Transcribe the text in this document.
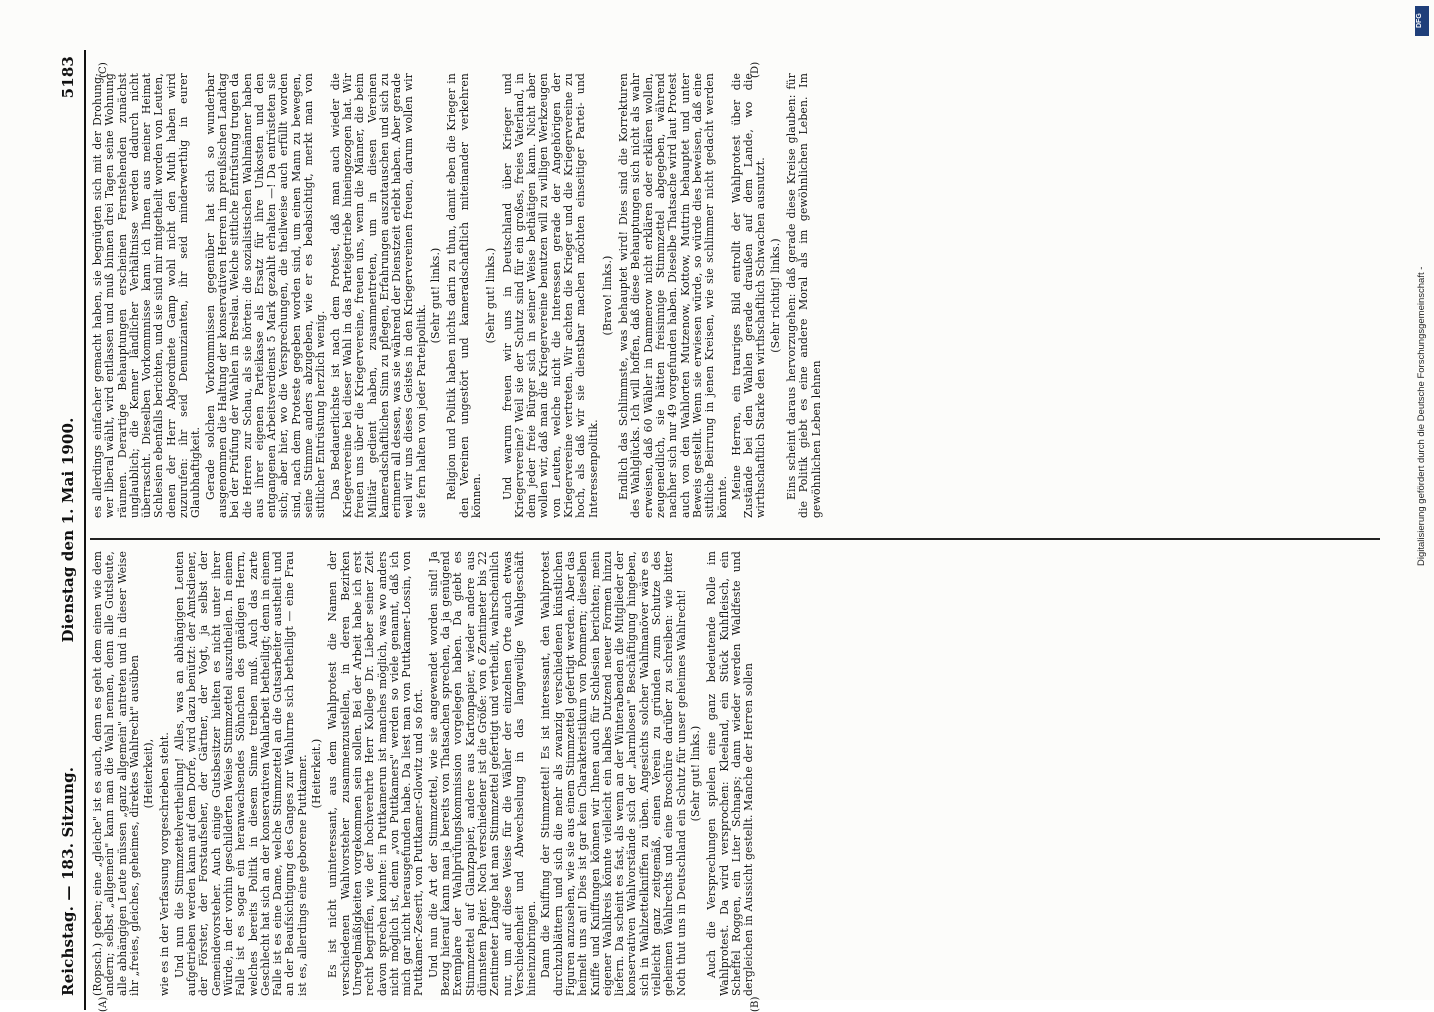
Reichstag. — 183. Sitzung.
Dienstag den 1. Mai 1900.
5183
(A)	(B)
(C)	(D)

(Ropsch.) geben; eine „gleiche" ist es auch, denn es geht dem einen wie dem andern; selbst „allgemein" kann man die Wahl nennen, denn alle Gutsleute, alle abhängigen Leute müssen „ganz allgemein" antreten und in dieser Weise ihr „freies, gleiches, geheimes, direktes Wahlrecht" ausüben (Heiterkeit), wie es in der Verfassung vorgeschrieben steht. Und nun die Stimmzettelvertheilung! Alles, was an abhängigen Leuten aufgetrieben werden kann auf dem Dorfe, wird dazu benützt: der Amtsdiener, der Förster, der Forstaufseher, der Gärtner, der Vogt, ja selbst der Gemeindevorsteher. Auch einige Gutsbesitzer hielten es nicht unter ihrer Würde, in der vorhin geschilderten Weise Stimmzettel auszutheilen. In einem Falle ist es sogar ein heranwachsendes Söhnchen des gnädigen Herrn, welches bereits Politik in diesem Sinne treiben muß. Auch das zarte Geschlecht hat sich an der konservativen Wahlarbeit betheiligt; denn in einem Falle ist es eine Dame, welche Stimmzettel an die Gutsarbeiter austheilt und an der Beaufsichtigung des Ganges zur Wahlurne sich betheiligt — eine Frau ist es, allerdings eine geborene Puttkamer. (Heiterkeit.) Es ist nicht uninteressant, aus dem Wahlprotest die Namen der verschiedenen Wahlvorsteher zusammenzustellen, in deren Bezirken Unregelmäßigkeiten vorgekommen sein sollen. Bei der Arbeit habe ich erst recht begriffen, wie der hochverehrte Herr Kollege Dr. Lieber seiner Zeit davon sprechen konnte: in Puttkamerun ist manches möglich, was wo anders nicht möglich ist, denn „von Puttkamers" werden so viele genannt, daß ich mich gar nicht herausgefunden habe. Da liest man von Puttkamer-Lossin, von Puttkamer-Zeserit, von Puttkamer-Glowitz und so fort. Und nun die Art der Stimmzettel, wie sie angewendet worden sind! Ja Bezug hierauf kann man ja bereits von Thatsachen sprechen, da ja genügend Exemplare der Wahlprüfungskommission vorgelegen haben. Da giebt es Stimmzettel auf Glanzpapier, andere aus Kartonpapier, wieder andere aus dünnstem Papier. Noch verschiedener ist die Größe: von 6 Zentimeter bis 22 Zentimeter Länge hat man Stimmzettel gefertigt und vertheilt, wahrscheinlich nur, um auf diese Weise für die Wähler der einzelnen Orte auch etwas Verschiedenheit und Abwechselung in das langweilige Wahlgeschäft hineinzubringen. Dann die Kniffung der Stimmzettel! Es ist interessant, den Wahlprotest durchzublättern und sich die mehr als zwanzig verschiedenen künstlichen Figuren anzusehen, wie sie aus einem Stimmzettel gefertigt werden. Aber das heimelt uns an! Dies ist gar kein Charakteristikum von Pommern; dieselben Kniffe und Kniffungen können wir Ihnen auch für Schlesien berichten; mein eigener Wahlkreis könnte vielleicht ein halbes Dutzend neuer Formen hinzu liefern. Da scheint es fast, als wenn an der Winterabenden die Mitglieder der konservativen Wahlvorstände sich der „harmlosen" Beschäftigung hingeben, sich in Wahlzettelkniffen zu üben. Angesichts solcher Wahlmanöver wäre es vielleicht ganz zeitgemäß, einen Verein zu gründen zum Schutze des geheimen Wahlrechts und eine Broschüre darüber zu schreiben: wie bitter Noth thut uns in Deutschland ein Schutz für unser geheimes Wahlrecht! (Sehr gut! links.) Auch die Versprechungen spielen eine ganz bedeutende Rolle im Wahlprotest. Da wird versprochen: Kleeland, ein Stück Kuhfleisch, ein Scheffel Roggen, ein Liter Schnaps; dann wieder werden Waldfeste und dergleichen in Aussicht gestellt. Manche der Herren sollen

es allerdings einfacher gemacht haben, sie begnügten sich mit der Drohung: wer liberal wählt, wird entlassen und muß binnen drei Tagen seine Wohnung räumen. Derartige Behauptungen erscheinen Fernstehenden zunächst unglaublich; die Kenner ländlicher Verhältnisse werden dadurch nicht überrascht. Dieselben Vorkommnisse kann ich Ihnen aus meiner Heimat Schlesien ebenfalls berichten, und sie sind mir mitgetheilt worden von Leuten, denen der Herr Abgeordnete Gamp wohl nicht den Muth haben wird zuzurufen: ihr seid Denunzianten, ihr seid minderwerthig in eurer Glaubhaftigkeit. Gerade solchen Vorkommnissen gegenüber hat sich so wunderbar ausgenommen die Haltung der konservativen Herren im preußischen Landtag bei der Prüfung der Wahlen in Breslau. Welche sittliche Entrüstung trugen da die Herren zur Schau, als sie hörten: die sozialistischen Wahlmänner haben aus ihrer eigenen Parteikasse als Ersatz für ihre Unkosten und den entgangenen Arbeitsverdienst 5 Mark gezahlt erhalten —! Da entrüsteten sie sich; aber hier, wo die Versprechungen, die theilweise auch erfüllt worden sind, nach dem Proteste gegeben worden sind, um einen Mann zu bewegen, seine Stimme anders abzugeben, wie er es beabsichtigt, merkt man von sittlicher Entrüstung herzlich wenig. Das Bedauerlichste ist nach dem Protest, daß man auch wieder die Kriegervereine bei dieser Wahl in das Parteigetriebe hineingezogen hat. Wir freuen uns über die Kriegervereine, freuen uns, wenn die Männer, die beim Militär gedient haben, zusammentreten, um in diesen Vereinen kameradschaftlichen Sinn zu pflegen, Erfahrungen auszutauschen und sich zu erinnern all dessen, was sie während der Dienstzeit erlebt haben. Aber gerade weil wir uns dieses Geistes in den Kriegervereinen freuen, darum wollen wir sie fern halten von jeder Parteipolitik.

(Sehr gut! links.) Religion und Politik haben nichts darin zu thun, damit eben die Krieger in den Vereinen ungestört und kameradschaftlich miteinander verkehren können.

(Sehr gut! links.) Und warum freuen wir uns in Deutschland über Krieger und Kriegervereine? Weil sie der Schutz sind für ein großes, freies Vaterland, in dem jeder freie Bürger sich in seiner Weise bethätigen kann. Nicht aber wollen wir, daß man die Kriegervereine benutzen will zu willigen Werkzeugen von Leuten, welche nicht die Interessen gerade der Angehörigen der Kriegervereine vertreten. Wir achten die Krieger und die Kriegervereine zu hoch, als daß wir sie dienstbar machen möchten einseitiger Partei- und Interessenpolitik.

(Bravo! links.) Endlich das Schlimmste, was behauptet wird! Dies sind die Korrekturen des Wahlglücks. Ich will hoffen, daß diese Behauptungen sich nicht als wahr erweisen, daß 60 Wähler in Dammerow nicht erklären oder erklären wollen, zeugeneidlich, sie hätten freisinnige Stimmzettel abgegeben, während nachher sich nur 49 vorgefunden haben. Dieselbe Thatsache wird laut Protest auch von den Wahlorten Mutzenow, Kottow, Muttrin behauptet und unter Beweis gestellt. Wenn sie erwiesen würde, so würde dies beweisen, daß eine sittliche Beirrung in jenen Kreisen, wie sie schlimmer nicht gedacht werden könnte. Meine Herren, ein trauriges Bild entrollt der Wahlprotest über die Zustände bei den Wahlen gerade draußen auf dem Lande, wo die wirthschaftlich Starke den wirthschaftlich Schwachen ausnutzt. (Sehr richtig! links.) Eins scheint daraus hervorzugehen: daß gerade diese Kreise glauben: für die Politik giebt es eine andere Moral als im gewöhnlichen Leben. Im gewöhnlichen Leben lehnen

DFG
Digitalisierung gefördert durch die Deutsche Forschungsgemeinschaft -
